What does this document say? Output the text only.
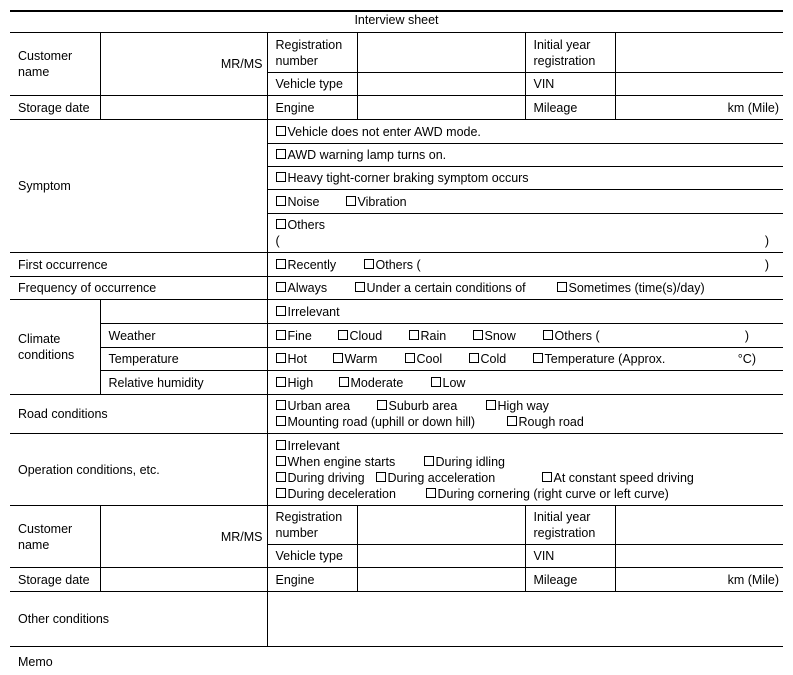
Interview sheet
Customer name	MR/MS	Registration number		Initial year registration	
		Vehicle type		VIN	
Storage date		Engine		Mileage	km (Mile)
Symptom		Vehicle does not enter AWD mode.			
		AWD warning lamp turns on.			
		Heavy tight-corner braking symptom occurs			
		Noise Vibration			

		Others
( )			

First occurrence		Recently Others ( )			

Frequency of occurrence		Always Under a certain conditions of Sometimes (time(s)/day)			
Climate conditions		Irrelevant			
	Weather	Fine Cloud Rain Snow Others ( )			

	Temperature	Hot Warm Cool Cold Temperature (Approx. °C)			

	Relative humidity	High Moderate Low			
Road conditions		Urban area Suburb area High way
Mounting road (uphill or down hill) Rough road			

Operation conditions, etc.		Irrelevant
When engine starts During idling
During driving During acceleration At constant speed driving
During deceleration During cornering (right curve or left curve)			

Customer name	MR/MS	Registration number		Initial year registration	
		Vehicle type		VIN	
Storage date		Engine		Mileage	km (Mile)
Other conditions					
Memo
